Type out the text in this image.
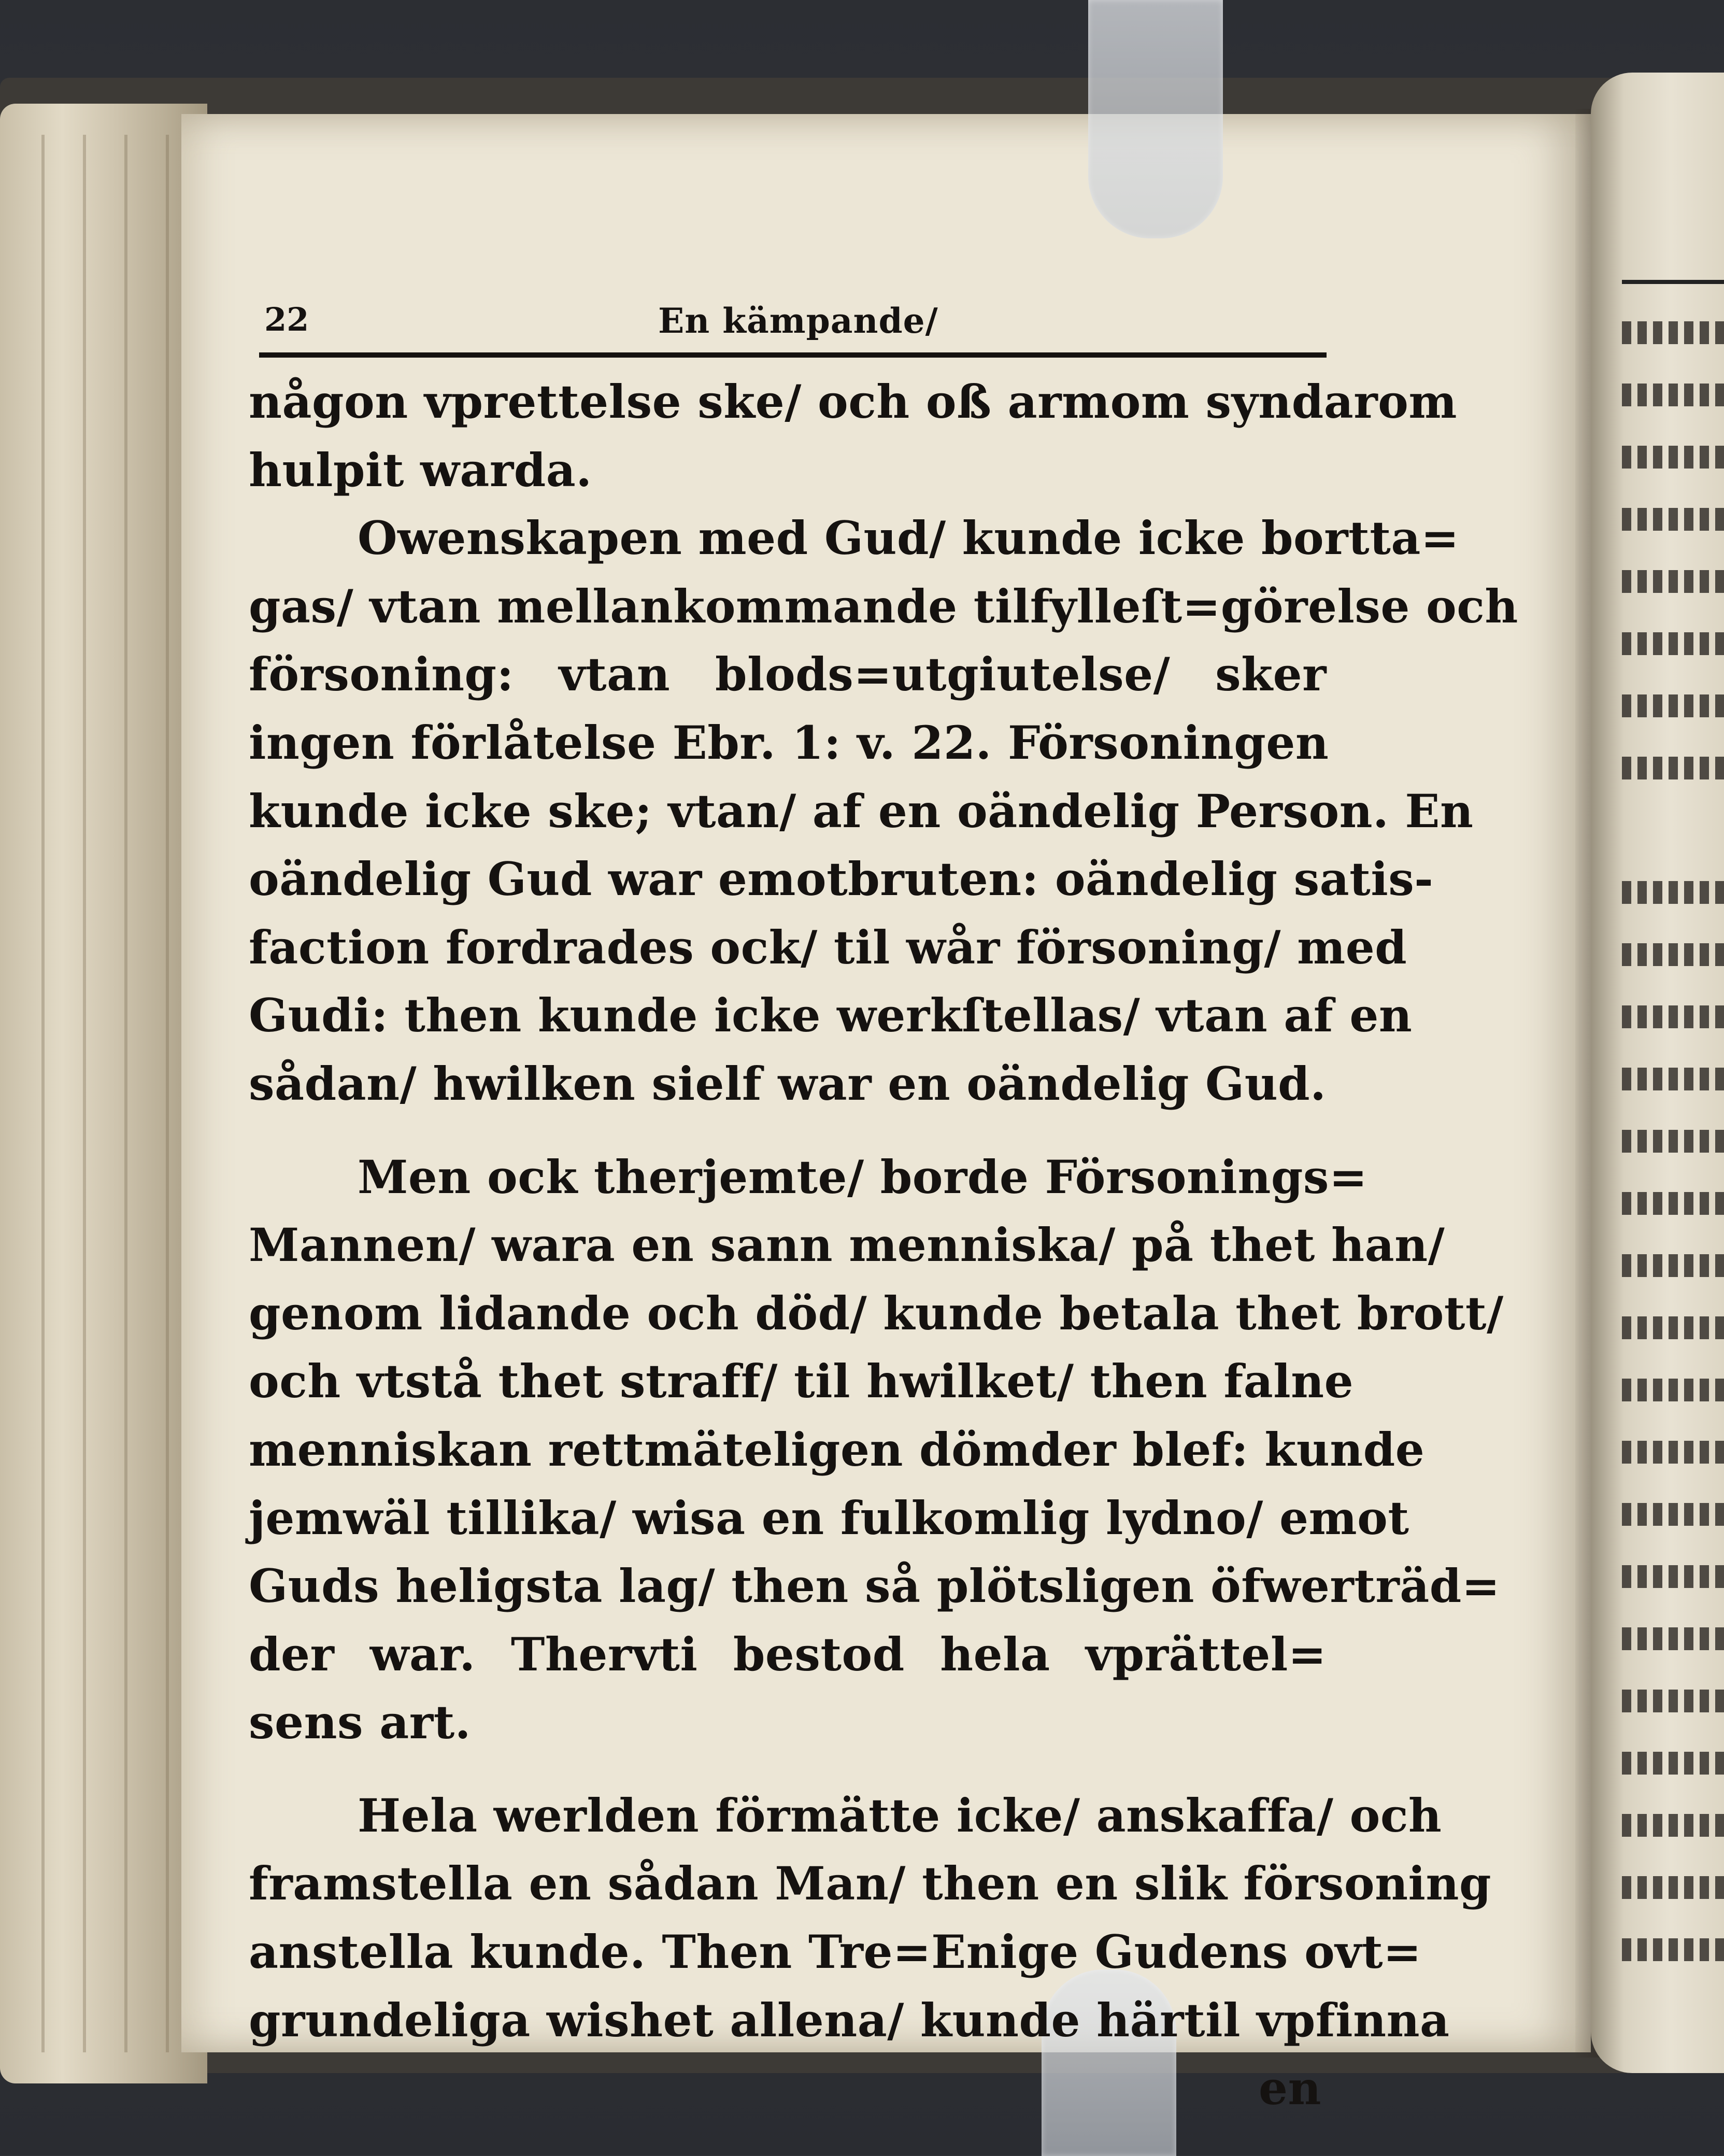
22	En kämpande/
någon vprettelse ske/ och oß armom syndarom
hulpit warda.
Owenskapen med Gud/ kunde icke bortta=
gas/ vtan mellankommande tilfylleſt=görelse och
försoning: vtan blods=utgiutelse/ sker
ingen förlåtelse Ebr. 1: v. 22. Försoningen
kunde icke ske; vtan/ af en oändelig Person. En
oändelig Gud war emotbruten: oändelig satis-
faction fordrades ock/ til wår försoning/ med
Gudi: then kunde icke werkſtellas/ vtan af en
sådan/ hwilken sielf war en oändelig Gud.
Men ock therjemte/ borde Försonings=
Mannen/ wara en sann menniska/ på thet han/
genom lidande och död/ kunde betala thet brott/
och vtstå thet straff/ til hwilket/ then falne
menniskan rettmäteligen dömder blef: kunde
jemwäl tillika/ wisa en fulkomlig lydno/ emot
Guds heligsta lag/ then så plötsligen öfwerträd=
der war. Thervti bestod hela vprättel=
sens art.
Hela werlden förmätte icke/ anskaffa/ och
framstella en sådan Man/ then en slik försoning
anstella kunde. Then Tre=Enige Gudens ovt=
grundeliga wishet allena/ kunde härtil vpfinna
en
